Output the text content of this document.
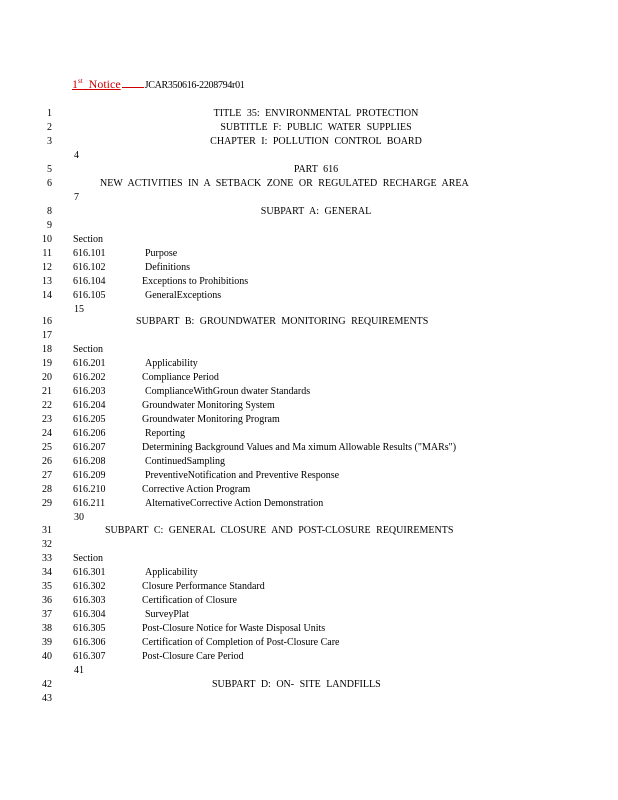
1st Notice JCAR350616-2208794r01
1	TITLE 35: ENVIRONMENTAL PROTECTION
2	SUBTITLE F: PUBLIC WATER SUPPLIES
3	CHAPTER I: POLLUTION CONTROL BOARD
4
5	PART 616
6	NEW ACTIVITIES IN A SETBACK ZONE OR REGULATED RECHARGE AREA
7
8	SUBPART A: GENERAL
9
10 Section
11 616.101	Purpose
12 616.102	Definitions
13 616.104	Exceptions to Prohibitions
14 616.105	GeneralExceptions
15
16	SUBPART B: GROUNDWATER MONITORING REQUIREMENTS
17
18 Section
19 616.201	Applicability
20 616.202	Compliance Period
21 616.203	ComplianceWithGroun dwater Standards
22 616.204	Groundwater Monitoring System
23 616.205	Groundwater Monitoring Program
24 616.206	Reporting
25 616.207	Determining Background Values and Ma ximum Allowable Results ("MARs")
26 616.208	ContinuedSampling
27 616.209	PreventiveNotification and Preventive Response
28 616.210	Corrective Action Program
29 616.211	AlternativeCorrective Action Demonstration
30
31	SUBPART C: GENERAL CLOSURE AND POST-CLOSURE REQUIREMENTS
32
33 Section
34 616.301	Applicability
35 616.302	Closure Performance Standard
36 616.303	Certification of Closure
37 616.304	SurveyPlat
38 616.305	Post-Closure Notice for Waste Disposal Units
39 616.306	Certification of Completion of Post-Closure Care
40 616.307	Post-Closure Care Period
41
42	SUBPART D: ON- SITE LANDFILLS
43
